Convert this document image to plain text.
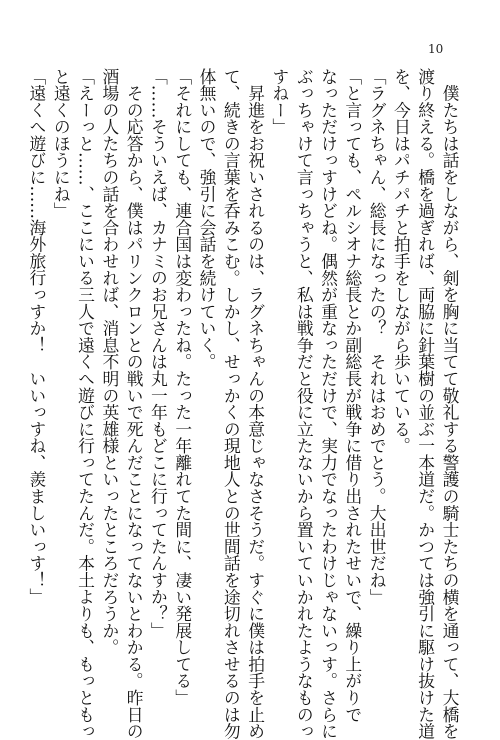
10
　僕たちは話をしながら、剣を胸に当てて敬礼する警護の騎士たちの横を通って、大橋を
渡り終える。橋を過ぎれば、両脇に針葉樹の並ぶ一本道だ。かつては強引に駆け抜けた道
を、今日はパチパチと拍手をしながら歩いている。
「ラグネちゃん、総長になったの？　それはおめでとう。大出世だね」
「と言っても、ペルシオナ総長とか副総長が戦争に借り出されたせいで、繰り上がりで
なっただけっすけどね。偶然が重なっただけで、実力でなったわけじゃないっす。さらに
ぶっちゃけて言っちゃうと、私は戦争だと役に立たないから置いていかれたようなものっ
すねー」
　昇進をお祝いされるのは、ラグネちゃんの本意じゃなさそうだ。すぐに僕は拍手を止め
て、続きの言葉を呑みこむ。しかし、せっかくの現地人との世間話を途切れさせるのは勿
体無いので、強引に会話を続けていく。
「それにしても、連合国は変わったね。たった一年離れてた間に、凄い発展してる」
「……そういえば、カナミのお兄さんは丸一年もどこに行ってたんすか？」
　その応答から、僕はパリンクロンとの戦いで死んだことになってないとわかる。昨日の
酒場の人たちの話を合わせれば、消息不明の英雄様といったところだろうか。
「えーっと……、ここにいる三人で遠くへ遊びに行ってたんだ。本土よりも、もっともっ
と遠くのほうにね」
「遠くへ遊びに……海外旅行っすか！　いいっすね、羨ましいっす！」
